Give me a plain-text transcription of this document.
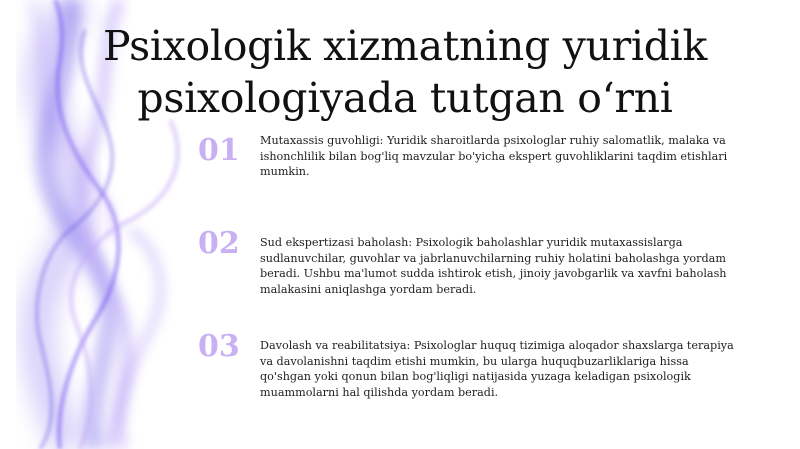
Psixologik xizmatning yuridik psixologiyada tutgan oʻrni
01	Mutaxassis guvohligi: Yuridik sharoitlarda psixologlar ruhiy salomatlik, malaka va ishonchlilik bilan bog'liq mavzular bo'yicha ekspert guvohliklarini taqdim etishlari mumkin.
02	Sud ekspertizasi baholash: Psixologik baholashlar yuridik mutaxassislarga sudlanuvchilar, guvohlar va jabrlanuvchilarning ruhiy holatini baholashga yordam beradi. Ushbu ma'lumot sudda ishtirok etish, jinoiy javobgarlik va xavfni baholash malakasini aniqlashga yordam beradi.
03	Davolash va reabilitatsiya: Psixologlar huquq tizimiga aloqador shaxslarga terapiya va davolanishni taqdim etishi mumkin, bu ularga huquqbuzarliklariga hissa qo'shgan yoki qonun bilan bog'liqligi natijasida yuzaga keladigan psixologik muammolarni hal qilishda yordam beradi.
